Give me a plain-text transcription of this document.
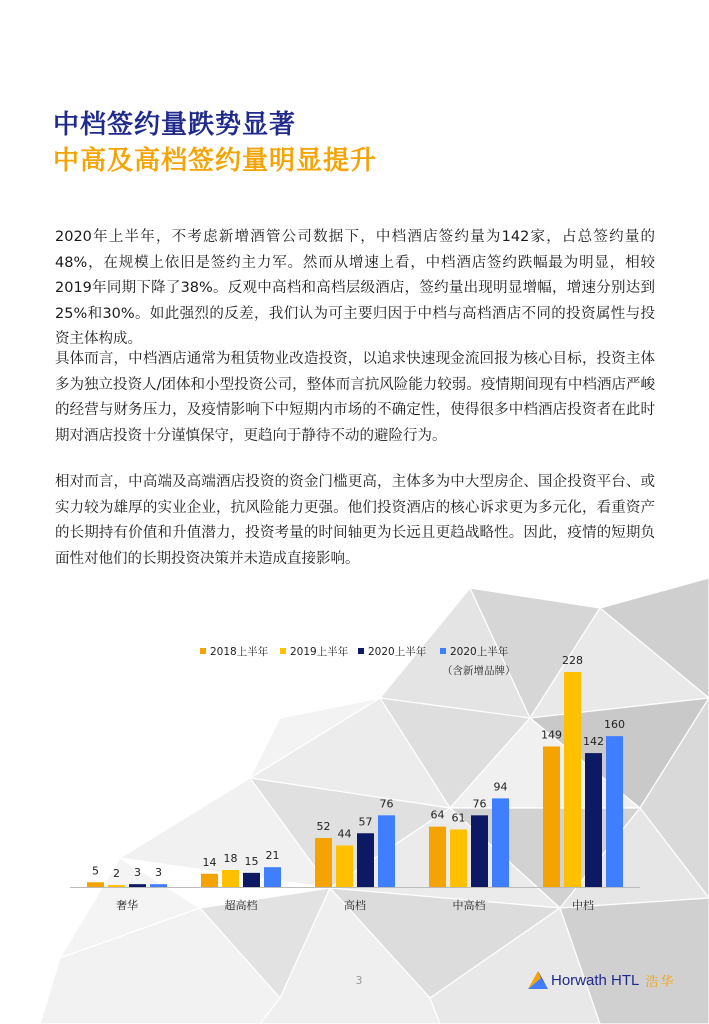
中档签约量跌势显著
中高及高档签约量明显提升
2020年上半年，不考虑新增酒管公司数据下，中档酒店签约量为142家，占总签约量的48%，在规模上依旧是签约主力军。然而从增速上看，中档酒店签约跌幅最为明显，相较2019年同期下降了38%。反观中高档和高档层级酒店，签约量出现明显增幅，增速分别达到25%和30%。如此强烈的反差，我们认为可主要归因于中档与高档酒店不同的投资属性与投资主体构成。
具体而言，中档酒店通常为租赁物业改造投资，以追求快速现金流回报为核心目标，投资主体多为独立投资人/团体和小型投资公司，整体而言抗风险能力较弱。疫情期间现有中档酒店严峻的经营与财务压力，及疫情影响下中短期内市场的不确定性，使得很多中档酒店投资者在此时期对酒店投资十分谨慎保守，更趋向于静待不动的避险行为。
相对而言，中高端及高端酒店投资的资金门槛更高，主体多为中大型房企、国企投资平台、或实力较为雄厚的实业企业，抗风险能力更强。他们投资酒店的核心诉求更为多元化，看重资产的长期持有价值和升值潜力，投资考量的时间轴更为长远且更趋战略性。因此，疫情的短期负面性对他们的长期投资决策并未造成直接影响。
2018上半年 2019上半年 2020上半年 2020上半年
（含新增品牌）
5 2 3 3
14 18 15 21
52
44
57
76
64 61
76
94
149
228
142
160
奢华	超高档	高档	中高档	中档
3	Horwath HTL 浩华
